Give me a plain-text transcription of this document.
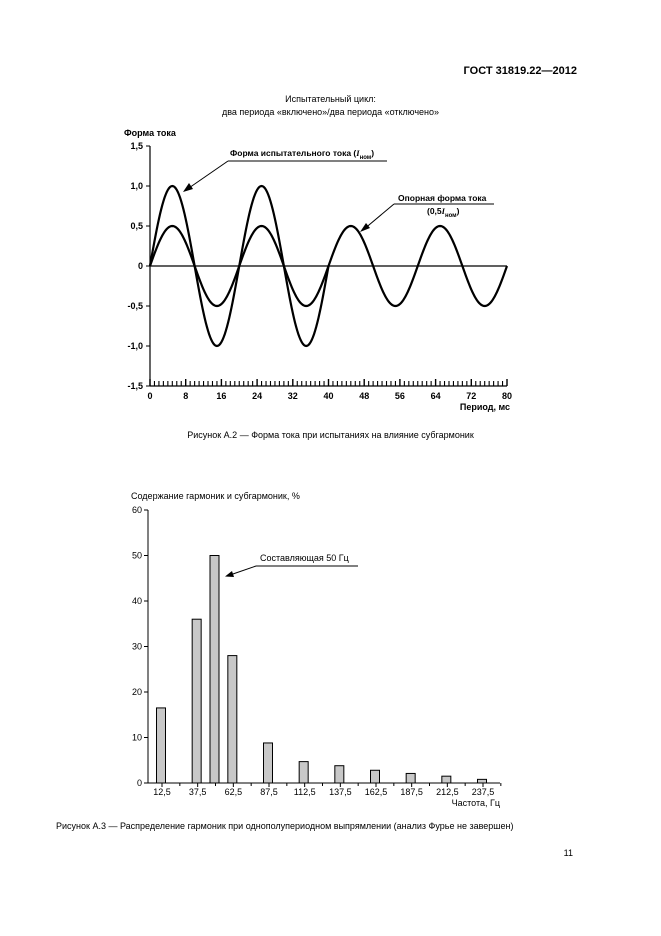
ГОСТ 31819.22—2012
Испытательный цикл:
два периода «включено»/два периода «отключено»
1,5
1,0
0,5
0
-0,5
-1,0
-1,5
0	8	16	24	32	40	48	56	64	72	80
Форма тока
Период, мс
Форма испытательного тока $(I_{ном})$
Опорная форма тока
$(0,5I_{ном})$
Рисунок А.2 — Форма тока при испытаниях на влияние субгармоник
0
10
20
30
40
50
60
12,5 37,5 62,5 87,5 112,5 137,5 162,5 187,5 212,5 237,5
Содержание гармоник и субгармоник, %
Частота, Гц
Составляющая 50 Гц
Рисунок А.3 — Распределение гармоник при однополупериодном выпрямлении (анализ Фурье не завершен)
11
